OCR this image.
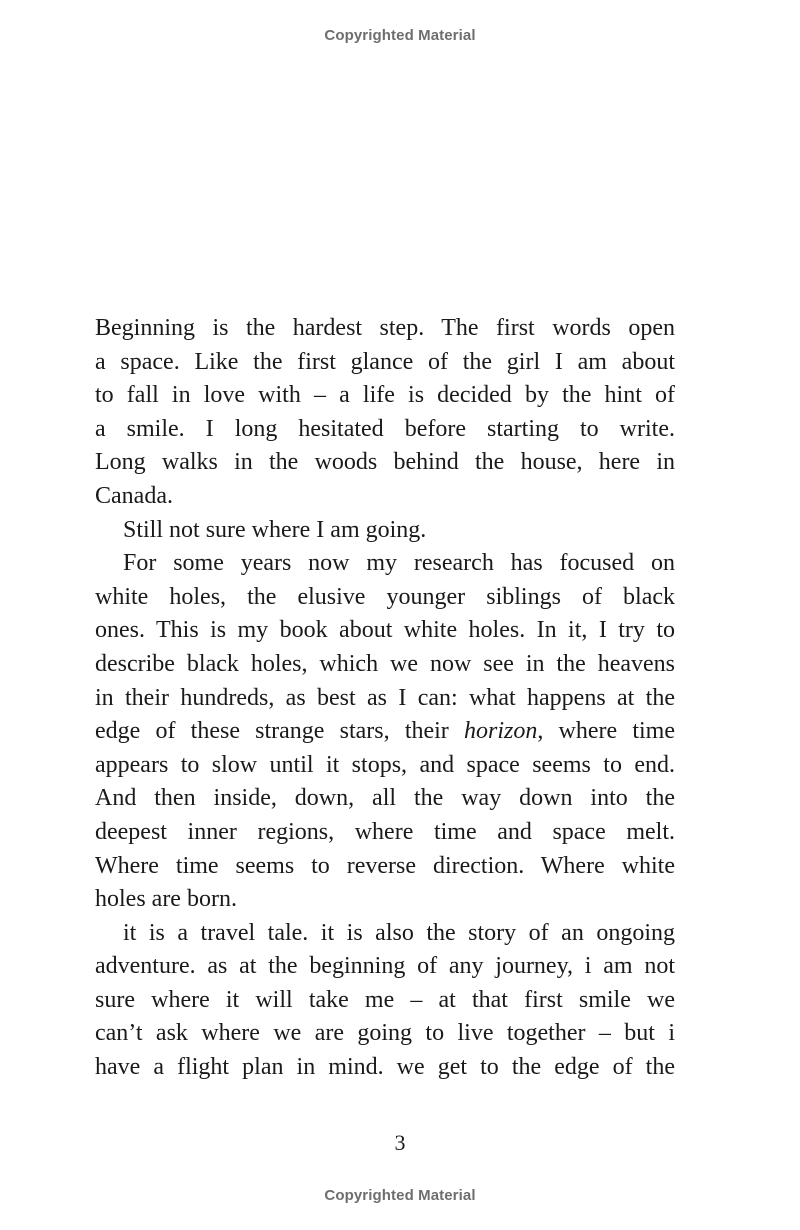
Copyrighted Material
Beginning is the hardest step. The first words open
a space. Like the first glance of the girl I am about
to fall in love with – a life is decided by the hint of
a smile. I long hesitated before starting to write.
Long walks in the woods behind the house, here in
Canada.
Still not sure where I am going.
For some years now my research has focused on
white holes, the elusive younger siblings of black
ones. This is my book about white holes. In it, I try to
describe black holes, which we now see in the heavens
in their hundreds, as best as I can: what happens at the
edge of these strange stars, their horizon, where time
appears to slow until it stops, and space seems to end.
And then inside, down, all the way down into the
deepest inner regions, where time and space melt.
Where time seems to reverse direction. Where white
holes are born.
it is a travel tale. it is also the story of an ongoing
adventure. as at the beginning of any journey, i am not
sure where it will take me – at that first smile we
can’t ask where we are going to live together – but i
have a flight plan in mind. we get to the edge of the
3
Copyrighted Material
